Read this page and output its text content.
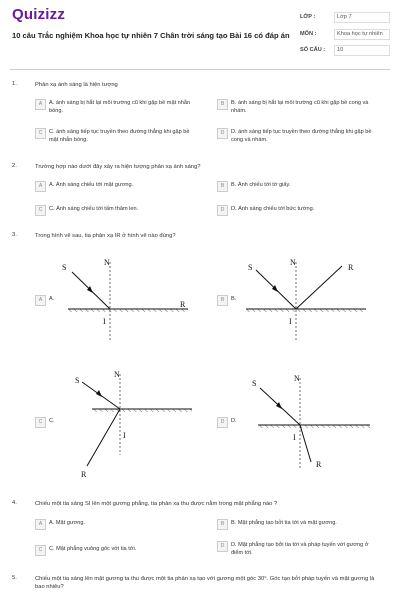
Quizizz
10 câu Trắc nghiệm Khoa học tự nhiên 7 Chân trời sáng tạo Bài 16 có đáp án
LỚP :	Lớp 7
MÔN :	Khoa học tự nhiên
SỐ CÂU :	10
1.	Phản xạ ánh sáng là hiện tượng
A	A. ánh sáng bị hắt lại môi trường cũ khi gặp bề mặt nhẵn bóng.
B	B. ánh sáng bị hắt lại môi trường cũ khi gặp bề cong và nhám.
C	C. ánh sáng tiếp tục truyền theo đường thẳng khi gặp bề mặt nhẵn bóng.
D	D. ánh sáng tiếp tục truyền theo đường thẳng khi gặp bề cong và nhám.
2.	Trường hợp nào dưới đây xảy ra hiện tượng phản xạ ánh sáng?
A	A. Ánh sáng chiếu tới mặt gương.	B	B. Ánh chiếu tới tờ giấy.
C	C. Ánh sáng chiếu tới tấm thảm len.	D	D. Ánh sáng chiếu tới bức tường.
3.	Trong hình vẽ sau, tia phản xạ IR ở hình vẽ nào đúng?
A	A.	B	B.
C	C.	D	D.
S
N
R
I
S
N
R
I
S
N
R
I
S
N
R
I
4.	Chiếu một tia sáng SI lên một gương phẳng, tia phản xạ thu được nằm trong mặt phẳng nào ?
A	A. Mặt gương.	B	B. Mặt phẳng tạo bởi tia tới và mặt gương.
C	C. Mặt phẳng vuông góc với tia tới.	D	D. Mặt phẳng tạo bởi tia tới và pháp tuyến với gương ở điểm tới.
5.	Chiếu một tia sáng lên mặt gương ta thu được một tia phản xạ tạo với gương một góc 30°. Góc tạo bởi pháp tuyến và mặt gương là bao nhiêu?
